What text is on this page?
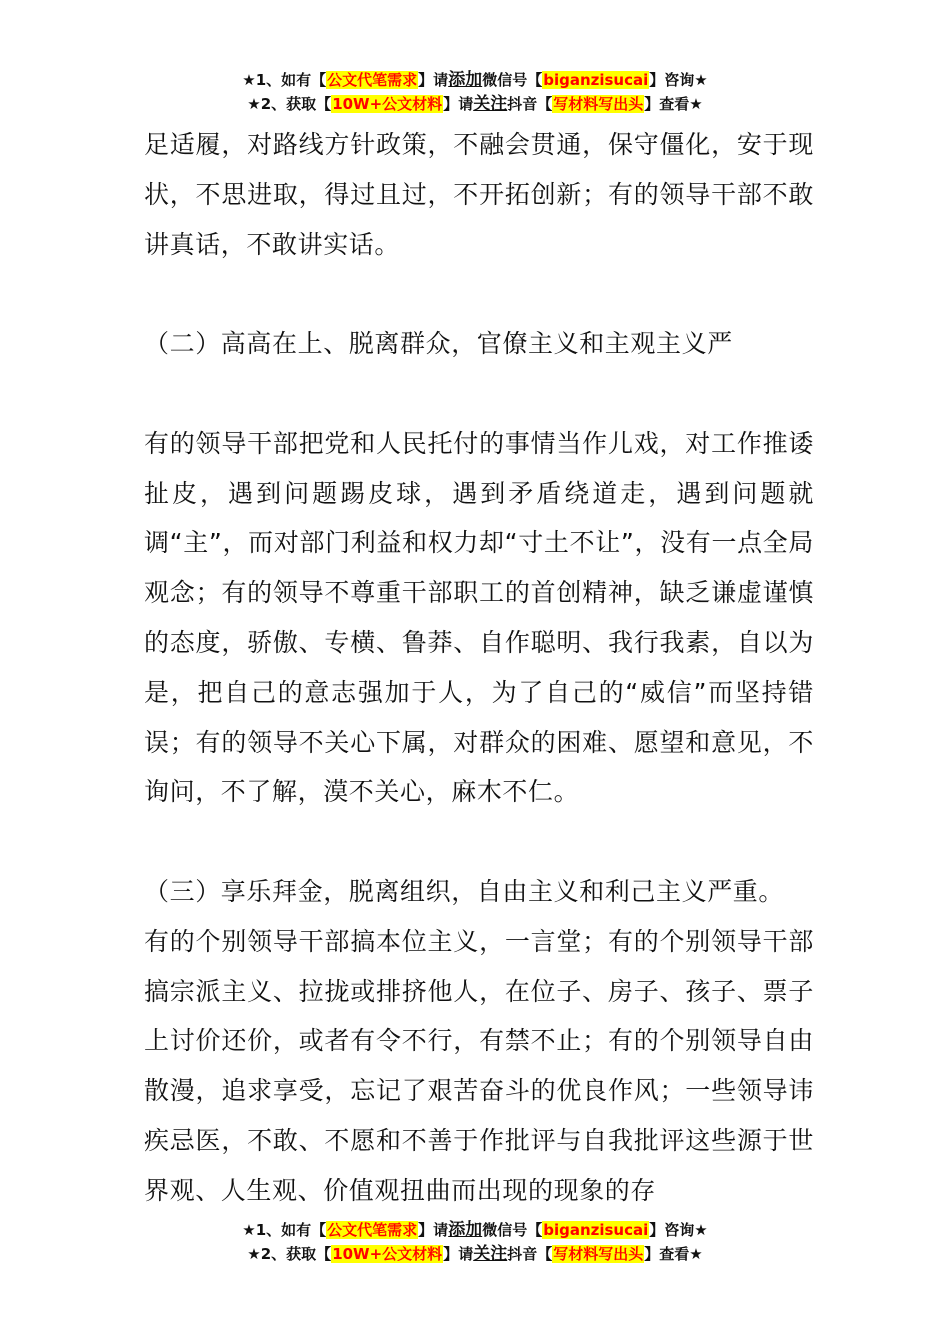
★1、如有【公文代笔需求】请添加微信号【biganzisucai】咨询★
★2、获取【10W+公文材料】请关注抖音【写材料写出头】查看★

足适履，对路线方针政策，不融会贯通，保守僵化，安于现状，不思进取，得过且过，不开拓创新；有的领导干部不敢讲真话，不敢讲实话。

（二）高高在上、脱离群众，官僚主义和主观主义严

有的领导干部把党和人民托付的事情当作儿戏，对工作推诿扯皮，遇到问题踢皮球，遇到矛盾绕道走，遇到问题就调“主”，而对部门利益和权力却“寸土不让”，没有一点全局观念；有的领导不尊重干部职工的首创精神，缺乏谦虚谨慎的态度，骄傲、专横、鲁莽、自作聪明、我行我素，自以为是，把自己的意志强加于人，为了自己的“威信”而坚持错误；有的领导不关心下属，对群众的困难、愿望和意见，不询问，不了解，漠不关心，麻木不仁。

（三）享乐拜金，脱离组织，自由主义和利己主义严重。

有的个别领导干部搞本位主义，一言堂；有的个别领导干部搞宗派主义、拉拢或排挤他人，在位子、房子、孩子、票子上讨价还价，或者有令不行，有禁不止；有的个别领导自由散漫，追求享受，忘记了艰苦奋斗的优良作风；一些领导讳疾忌医，不敢、不愿和不善于作批评与自我批评这些源于世界观、人生观、价值观扭曲而出现的现象的存

★1、如有【公文代笔需求】请添加微信号【biganzisucai】咨询★
★2、获取【10W+公文材料】请关注抖音【写材料写出头】查看★
